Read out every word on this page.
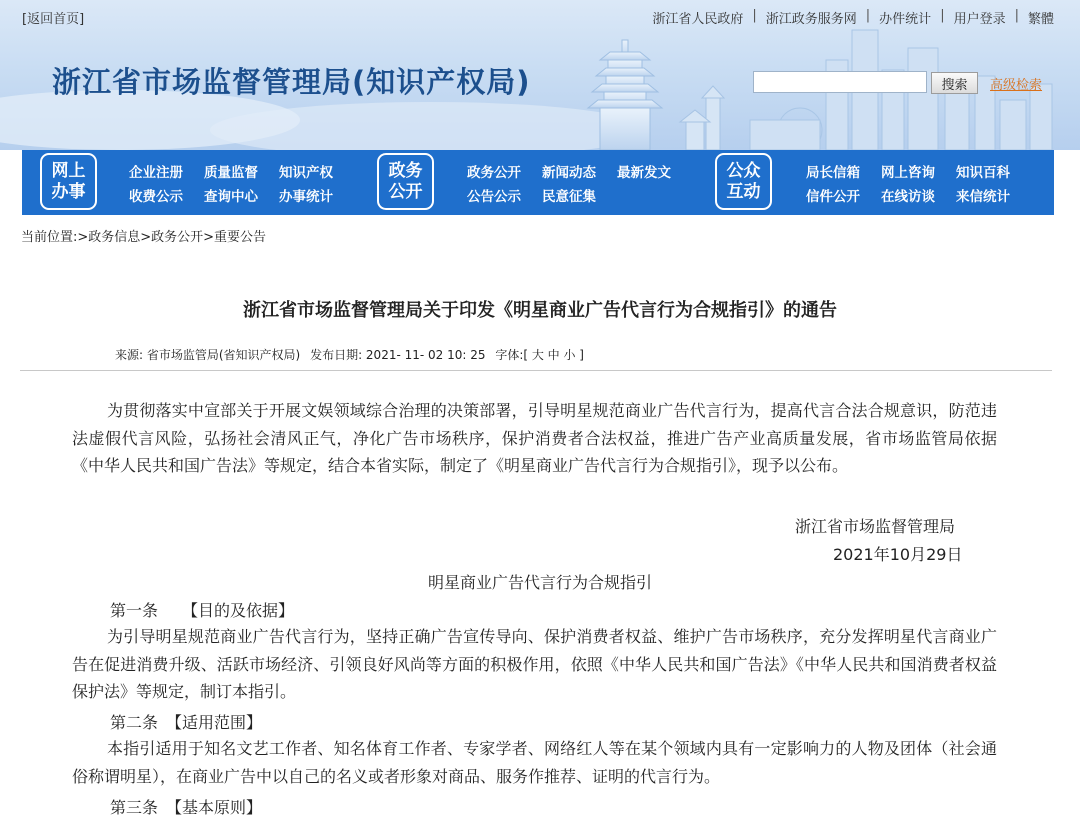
[返回首页]	浙江省人民政府 | 浙江政务服务网 | 办件统计 | 用户登录 | 繁體
浙江省市场监督管理局(知识产权局)	搜索	高级检索
网上
办事
企业注册 质量监督 知识产权
收费公示 查询中心 办事统计
政务
公开
政务公开 新闻动态 最新发文
公告公示 民意征集
公众
互动
局长信箱 网上咨询 知识百科
信件公开 在线访谈 来信统计
当前位置:>政务信息>政务公开>重要公告
浙江省市场监督管理局关于印发《明星商业广告代言行为合规指引》的通告
来源: 省市场监管局(省知识产权局) 发布日期: 2021- 11- 02 10: 25 字体:[ 大 中 小 ]
为贯彻落实中宣部关于开展文娱领域综合治理的决策部署，引导明星规范商业广告代言行为，提高代言合法合规意识，防范违法虚假代言风险，弘扬社会清风正气，净化广告市场秩序，保护消费者合法权益，推进广告产业高质量发展，省市场监管局依据《中华人民共和国广告法》等规定，结合本省实际，制定了《明星商业广告代言行为合规指引》，现予以公布。
浙江省市场监督管理局
2021年10月29日
明星商业广告代言行为合规指引
第一条　　【目的及依据】
为引导明星规范商业广告代言行为，坚持正确广告宣传导向、保护消费者权益、维护广告市场秩序，充分发挥明星代言商业广告在促进消费升级、活跃市场经济、引领良好风尚等方面的积极作用，依照《中华人民共和国广告法》《中华人民共和国消费者权益保护法》等规定，制订本指引。
第二条　【适用范围】
本指引适用于知名文艺工作者、知名体育工作者、专家学者、网络红人等在某个领域内具有一定影响力的人物及团体（社会通俗称谓明星），在商业广告中以自己的名义或者形象对商品、服务作推荐、证明的代言行为。
第三条　【基本原则】
